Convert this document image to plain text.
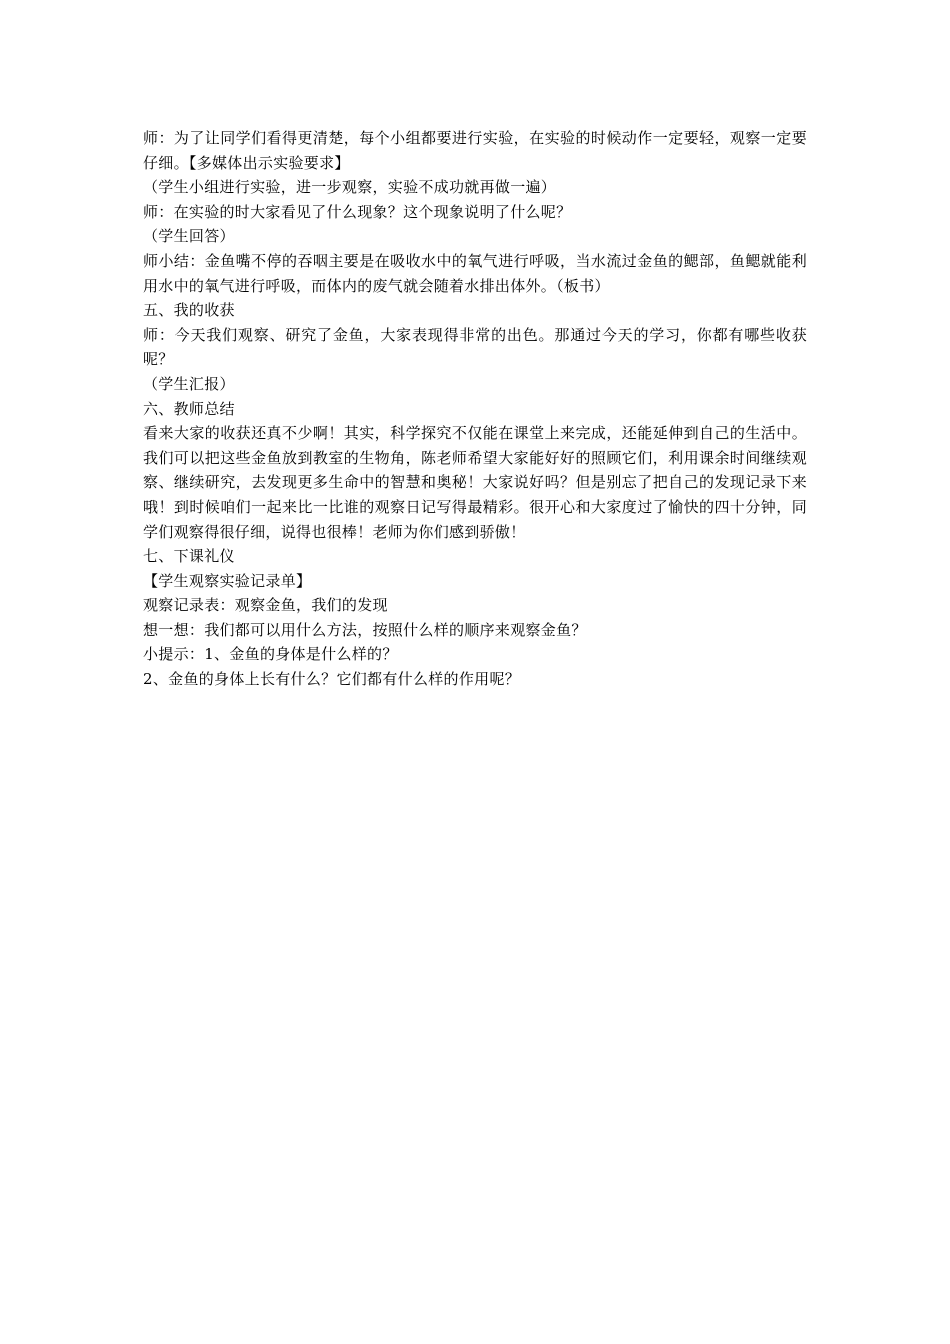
师：为了让同学们看得更清楚，每个小组都要进行实验，在实验的时候动作一定要轻，观察一定要仔细。【多媒体出示实验要求】

（学生小组进行实验，进一步观察，实验不成功就再做一遍）

师：在实验的时大家看见了什么现象？这个现象说明了什么呢？

（学生回答）

师小结：金鱼嘴不停的吞咽主要是在吸收水中的氧气进行呼吸，当水流过金鱼的鳃部，鱼鳃就能利用水中的氧气进行呼吸，而体内的废气就会随着水排出体外。（板书）

五、我的收获

师：今天我们观察、研究了金鱼，大家表现得非常的出色。那通过今天的学习，你都有哪些收获呢？

（学生汇报）

六、教师总结

看来大家的收获还真不少啊！其实，科学探究不仅能在课堂上来完成，还能延伸到自己的生活中。我们可以把这些金鱼放到教室的生物角，陈老师希望大家能好好的照顾它们，利用课余时间继续观察、继续研究，去发现更多生命中的智慧和奥秘！大家说好吗？但是别忘了把自己的发现记录下来哦！到时候咱们一起来比一比谁的观察日记写得最精彩。很开心和大家度过了愉快的四十分钟，同学们观察得很仔细，说得也很棒！老师为你们感到骄傲！

七、下课礼仪

【学生观察实验记录单】

观察记录表：观察金鱼，我们的发现

想一想：我们都可以用什么方法，按照什么样的顺序来观察金鱼？

小提示：1、金鱼的身体是什么样的？

2、金鱼的身体上长有什么？它们都有什么样的作用呢？
